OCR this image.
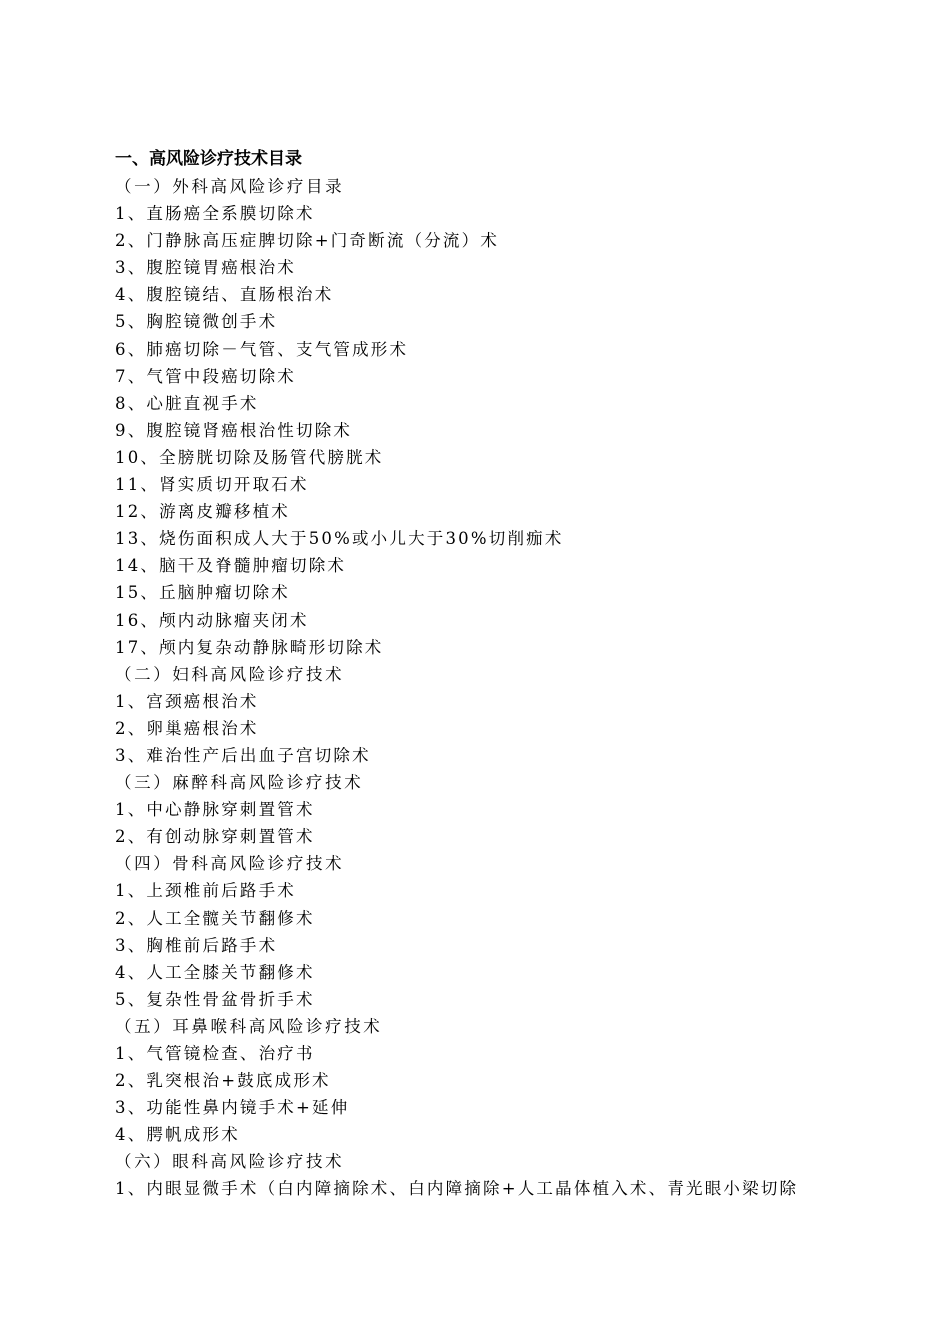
一、高风险诊疗技术目录
（一）外科高风险诊疗目录
1、直肠癌全系膜切除术
2、门静脉高压症脾切除+门奇断流（分流）术
3、腹腔镜胃癌根治术
4、腹腔镜结、直肠根治术
5、胸腔镜微创手术
6、肺癌切除－气管、支气管成形术
7、气管中段癌切除术
8、心脏直视手术
9、腹腔镜肾癌根治性切除术
10、全膀胱切除及肠管代膀胱术
11、肾实质切开取石术
12、游离皮瓣移植术
13、烧伤面积成人大于50%或小儿大于30%切削痂术
14、脑干及脊髓肿瘤切除术
15、丘脑肿瘤切除术
16、颅内动脉瘤夹闭术
17、颅内复杂动静脉畸形切除术
（二）妇科高风险诊疗技术
1、宫颈癌根治术
2、卵巢癌根治术
3、难治性产后出血子宫切除术
（三）麻醉科高风险诊疗技术
1、中心静脉穿刺置管术
2、有创动脉穿刺置管术
（四）骨科高风险诊疗技术
1、上颈椎前后路手术
2、人工全髋关节翻修术
3、胸椎前后路手术
4、人工全膝关节翻修术
5、复杂性骨盆骨折手术
（五）耳鼻喉科高风险诊疗技术
1、气管镜检查、治疗书
2、乳突根治+鼓底成形术
3、功能性鼻内镜手术+延伸
4、腭帆成形术
（六）眼科高风险诊疗技术
1、内眼显微手术（白内障摘除术、白内障摘除+人工晶体植入术、青光眼小梁切除
